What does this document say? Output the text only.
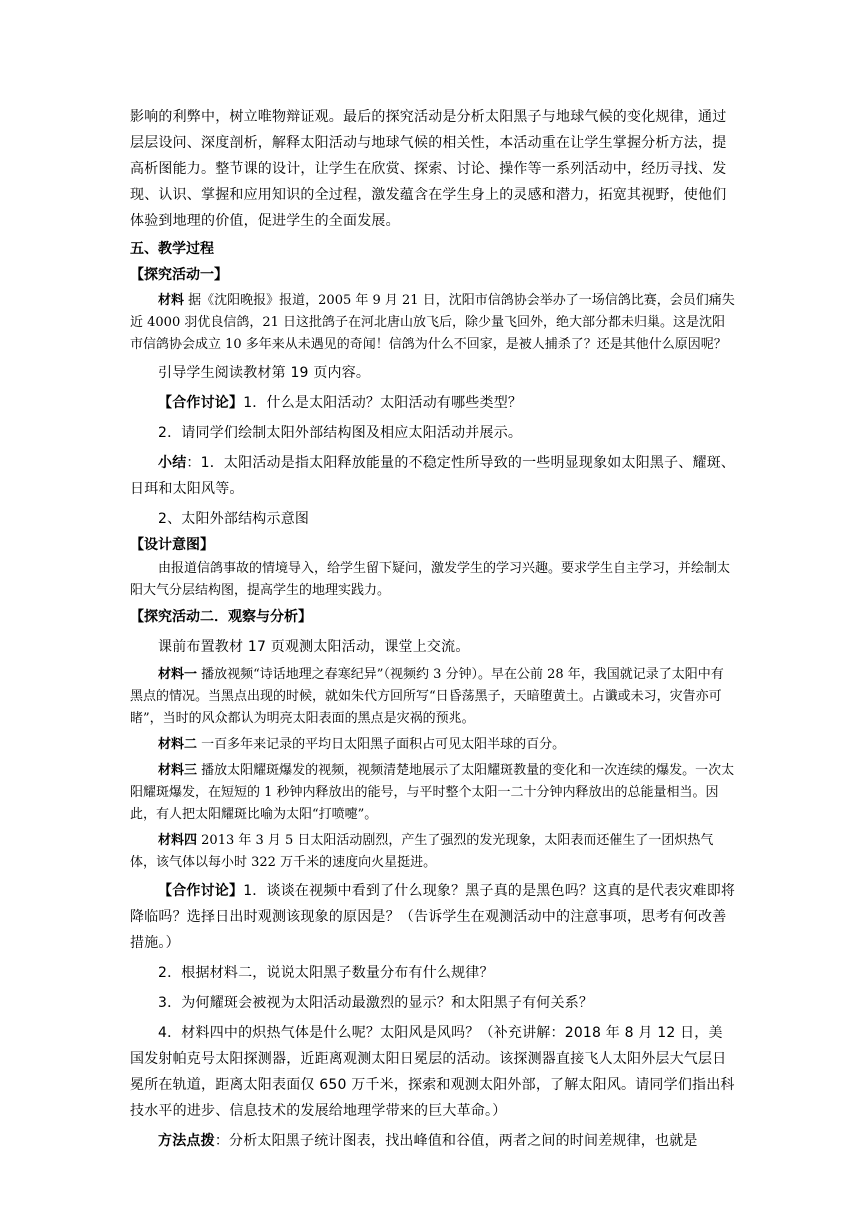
影响的利弊中，树立唯物辩证观。最后的探究活动是分析太阳黑子与地球气候的变化规律，通过层层设问、深度剖析，解释太阳活动与地球气候的相关性，本活动重在让学生掌握分析方法，提高析图能力。整节课的设计，让学生在欣赏、探索、讨论、操作等一系列活动中，经历寻找、发现、认识、掌握和应用知识的全过程，激发蕴含在学生身上的灵感和潜力，拓宽其视野，使他们体验到地理的价值，促进学生的全面发展。

五、教学过程

【探究活动一】

材料 据《沈阳晚报》报道，2005 年 9 月 21 日，沈阳市信鸽协会举办了一场信鸽比赛，会员们痛失近 4000 羽优良信鸽，21 日这批鸽子在河北唐山放飞后，除少量飞回外，绝大部分都未归巢。这是沈阳市信鸽协会成立 10 多年来从未遇见的奇闻！信鸽为什么不回家，是被人捕杀了？还是其他什么原因呢？

引导学生阅读教材第 19 页内容。

【合作讨论】1．什么是太阳活动？太阳活动有哪些类型？

2．请同学们绘制太阳外部结构图及相应太阳活动并展示。

小结：1．太阳活动是指太阳释放能量的不稳定性所导致的一些明显现象如太阳黑子、耀斑、日珥和太阳风等。

2、太阳外部结构示意图

【设计意图】

由报道信鸽事故的情境导入，给学生留下疑问，激发学生的学习兴趣。要求学生自主学习，并绘制太阳大气分层结构图，提高学生的地理实践力。

【探究活动二．观察与分析】

课前布置教材 17 页观测太阳活动，课堂上交流。

材料一 播放视频“诗话地理之春寒纪异”（视频约 3 分钟）。早在公前 28 年，我国就记录了太阳中有黑点的情况。当黑点出现的时候，就如朱代方回所写“日昏荡黑子，天暗堕黄土。占谶或未习，灾眚亦可睹”，当时的风众都认为明亮太阳表面的黑点是灾祸的预兆。

材料二 一百多年来记录的平均日太阳黑子面积占可见太阳半球的百分。

材料三 播放太阳耀斑爆发的视频，视频清楚地展示了太阳耀斑教量的变化和一次连续的爆发。一次太阳耀斑爆发，在短短的 1 秒钟内释放出的能号，与平时整个太阳一二十分钟内释放出的总能量相当。因此，有人把太阳耀斑比喻为太阳“打喷嚏”。

材料四 2013 年 3 月 5 日太阳活动剧烈，产生了强烈的发光现象，太阳表而还催生了一团炽热气体，该气体以每小时 322 万千米的速度向火星挺进。

【合作讨论】1．谈谈在视频中看到了什么现象？黑子真的是黑色吗？这真的是代表灾难即将降临吗？选择日出时观测该现象的原因是？（告诉学生在观测活动中的注意事项，思考有何改善措施。）

2．根据材料二，说说太阳黑子数量分布有什么规律？

3．为何耀斑会被视为太阳活动最激烈的显示？和太阳黑子有何关系？

4．材料四中的炽热气体是什么呢？太阳风是风吗？（补充讲解：2018 年 8 月 12 日，美国发射帕克号太阳探测器，近距离观测太阳日冕层的活动。该探测器直接飞人太阳外层大气层日冕所在轨道，距离太阳表面仅 650 万千米，探索和观测太阳外部，了解太阳风。请同学们指出科技水平的进步、信息技术的发展给地理学带来的巨大革命。）

方法点拨：分析太阳黑子统计图表，找出峰值和谷值，两者之间的时间差规律，也就是
